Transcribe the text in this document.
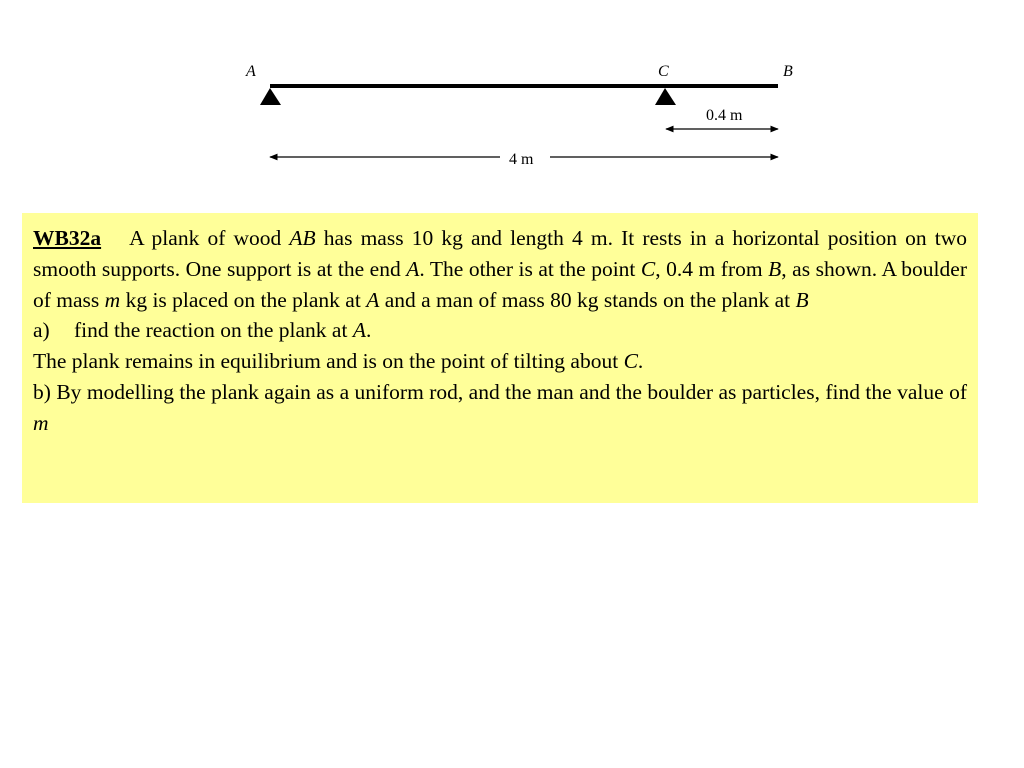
A	C	B
0.4 m
4 m

WB32a A plank of wood AB has mass 10 kg and length 4 m. It rests in a horizontal position on two smooth supports. One support is at the end A. The other is at the point C, 0.4 m from B, as shown. A boulder of mass m kg is placed on the plank at A and a man of mass 80 kg stands on the plank at B

a) find the reaction on the plank at A.

The plank remains in equilibrium and is on the point of tilting about C.

b) By modelling the plank again as a uniform rod, and the man and the boulder as particles, find the value of m
